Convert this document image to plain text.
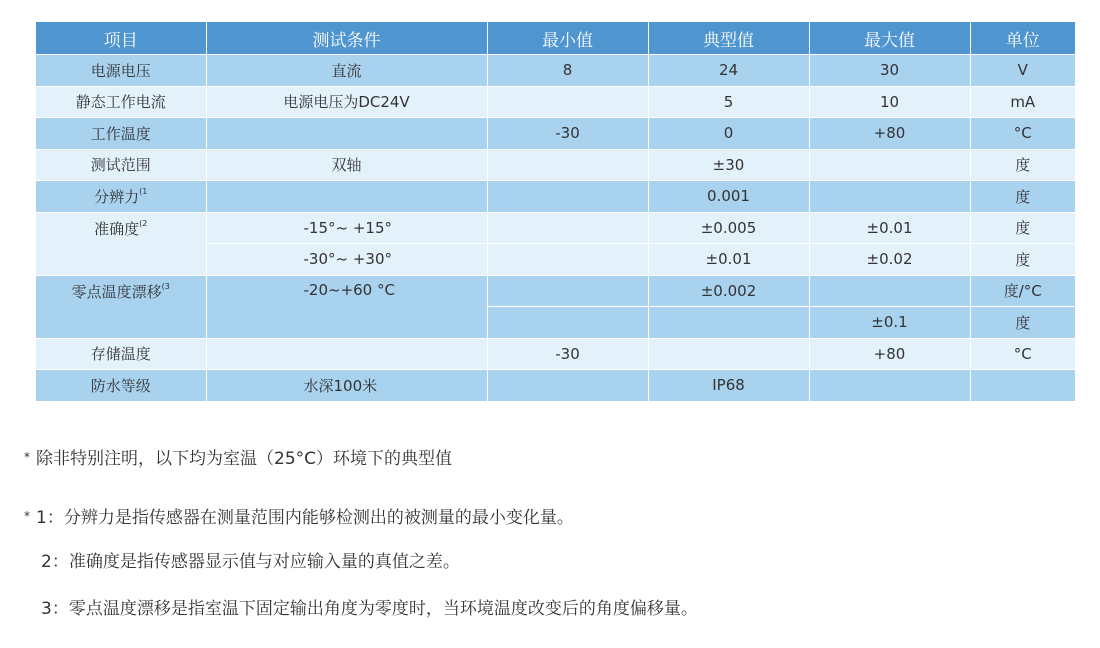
项目	测试条件	最小值	典型值	最大值	单位
电源电压	直流	8	24	30	V
静态工作电流	电源电压为DC24V		5	10	mA
工作温度		-30	0	+80	°C
测试范围	双轴		±30		度
分辨力$^{(1}$			0.001		度
准确度$^{(2}$	-15°~ +15°		±0.005	±0.01	度
	-30°~ +30°		±0.01	±0.02	度
零点温度漂移$^{(3}$	-20~+60 °C		±0.002		度/°C
				±0.1	度
存储温度		-30		+80	°C
防水等级	水深100米		IP68		
* 除非特别注明，以下均为室温（25°C）环境下的典型值
* 1：分辨力是指传感器在测量范围内能够检测出的被测量的最小变化量。
2：准确度是指传感器显示值与对应输入量的真值之差。
3：零点温度漂移是指室温下固定输出角度为零度时，当环境温度改变后的角度偏移量。
